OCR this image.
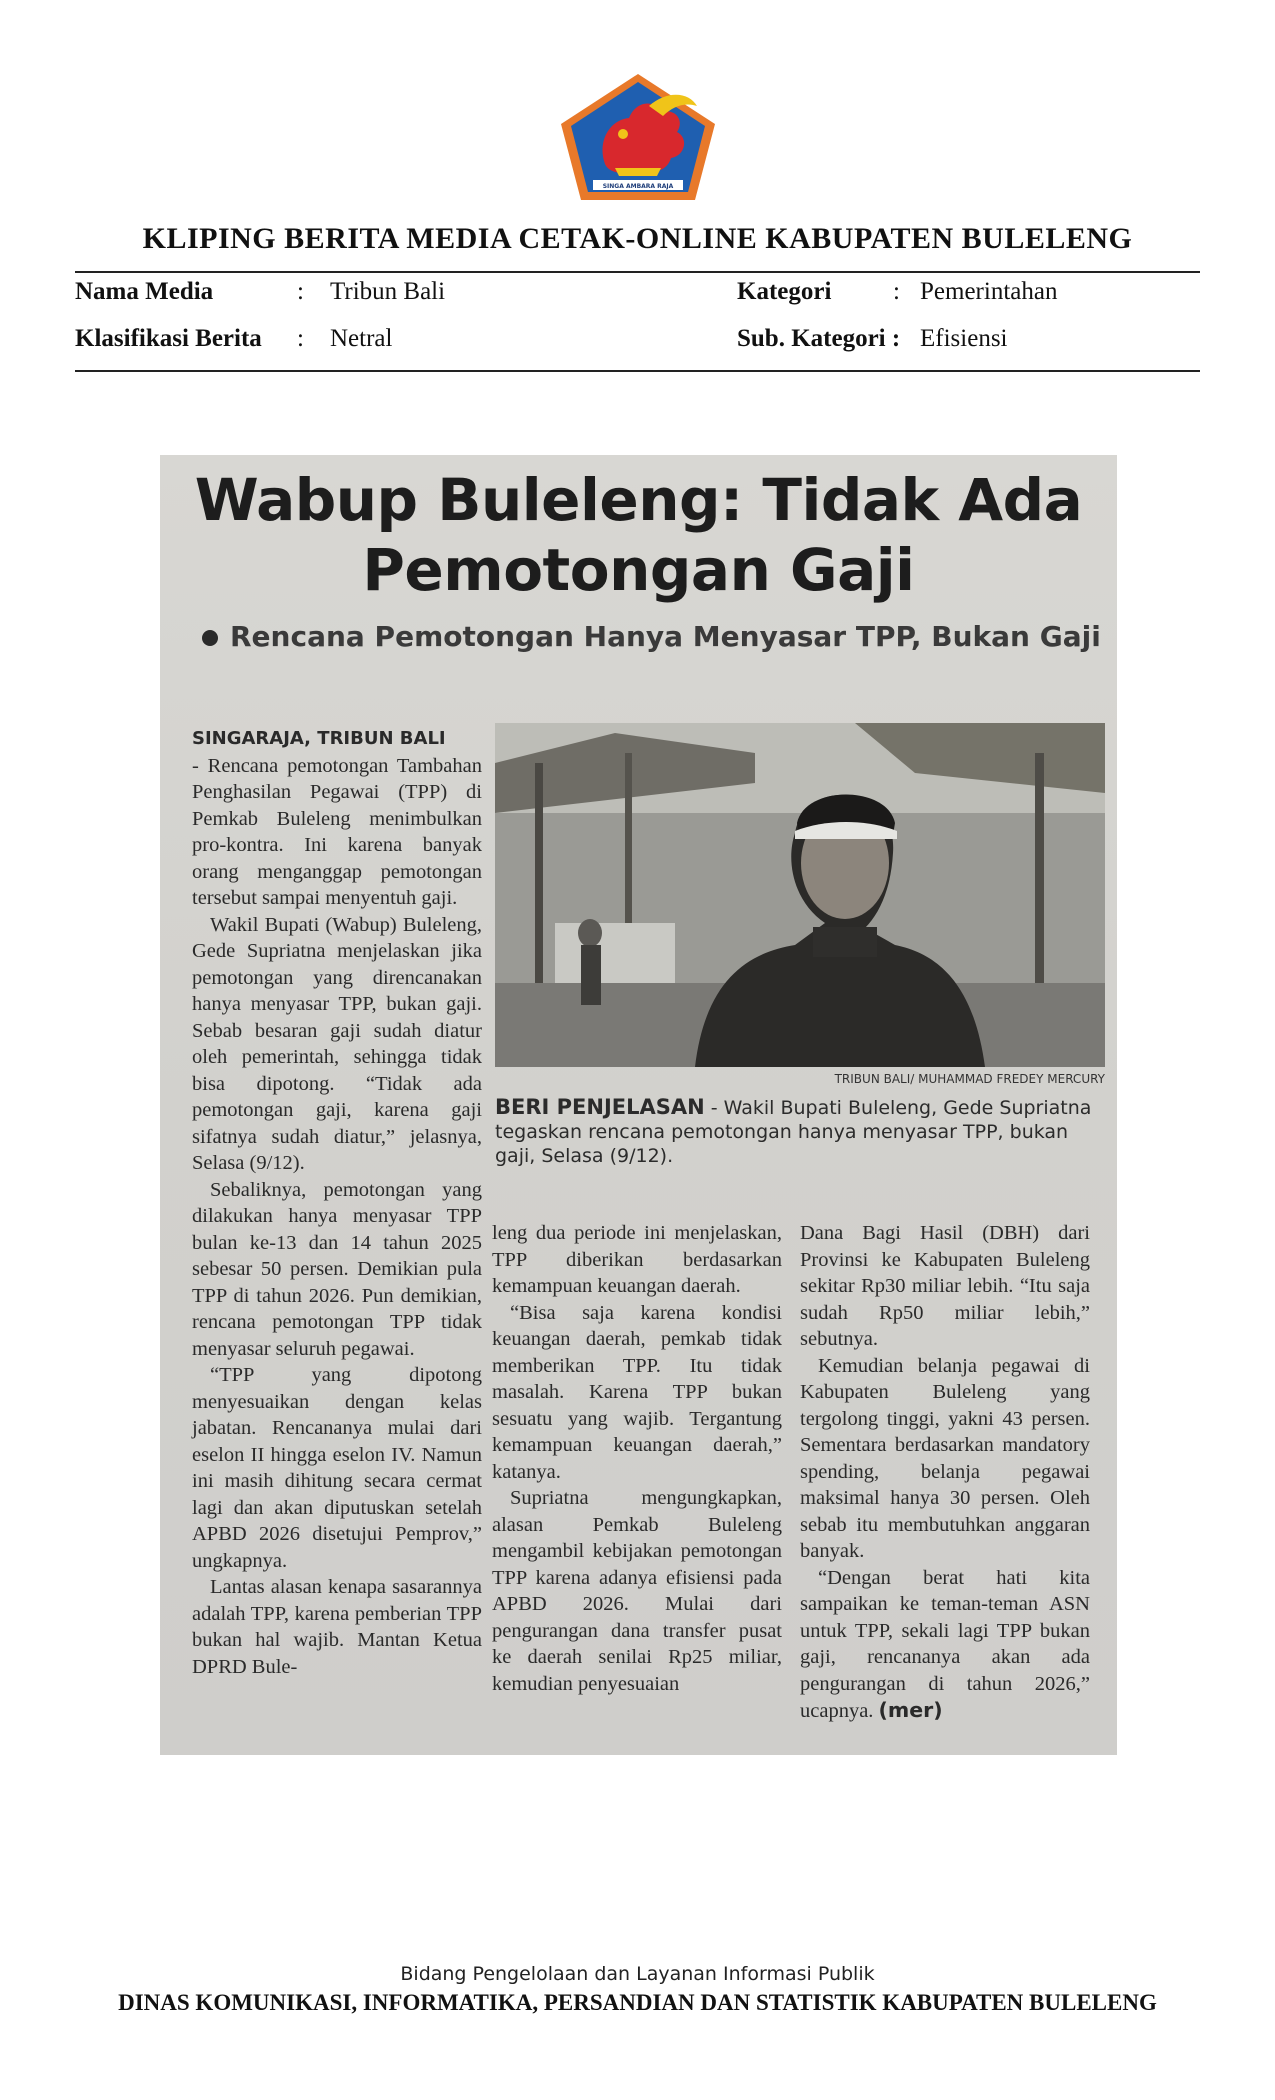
SINGA AMBARA RAJA
KLIPING BERITA MEDIA CETAK-ONLINE KABUPATEN BULELENG
Nama Media	: Tribun Bali	Kategori : Pemerintahan
Klasifikasi Berita : Netral	Sub. Kategori : Efisiensi
Wabup Buleleng: Tidak Ada
Pemotongan Gaji
Rencana Pemotongan Hanya Menyasar TPP, Bukan Gaji

SINGARAJA, TRIBUN BALI
- Rencana pemotongan Tambahan Penghasilan Pegawai (TPP) di Pemkab Buleleng menimbulkan pro-kontra. Ini karena banyak orang menganggap pemotongan tersebut sampai menyentuh gaji.

Wakil Bupati (Wabup) Buleleng, Gede Supriatna menjelaskan jika pemotongan yang direncanakan hanya menyasar TPP, bukan gaji. Sebab besaran gaji sudah diatur oleh pemerintah, sehingga tidak bisa dipotong. “Tidak ada pemotongan gaji, karena gaji sifatnya sudah diatur,” jelasnya, Selasa (9/12).

Sebaliknya, pemotongan yang dilakukan hanya menyasar TPP bulan ke-13 dan 14 tahun 2025 sebesar 50 persen. Demikian pula TPP di tahun 2026. Pun demikian, rencana pemotongan TPP tidak menyasar seluruh pegawai.

“TPP yang dipotong menyesuaikan dengan kelas jabatan. Rencananya mulai dari eselon II hingga eselon IV. Namun ini masih dihitung secara cermat lagi dan akan diputuskan setelah APBD 2026 disetujui Pemprov,” ungkapnya.

Lantas alasan kenapa sasarannya adalah TPP, karena pemberian TPP bukan hal wajib. Mantan Ketua DPRD Bule-

TRIBUN BALI/ MUHAMMAD FREDEY MERCURY
BERI PENJELASAN - Wakil Bupati Buleleng, Gede Supriatna tegaskan rencana pemotongan hanya menyasar TPP, bukan gaji, Selasa (9/12).

leng dua periode ini menjelaskan, TPP diberikan berdasarkan kemampuan keuangan daerah.

“Bisa saja karena kondisi keuangan daerah, pemkab tidak memberikan TPP. Itu tidak masalah. Karena TPP bukan sesuatu yang wajib. Tergantung kemampuan keuangan daerah,” katanya.

Supriatna mengungkapkan, alasan Pemkab Buleleng mengambil kebijakan pemotongan TPP karena adanya efisiensi pada APBD 2026. Mulai dari pengurangan dana transfer pusat ke daerah senilai Rp25 miliar, kemudian penyesuaian

Dana Bagi Hasil (DBH) dari Provinsi ke Kabupaten Buleleng sekitar Rp30 miliar lebih. “Itu saja sudah Rp50 miliar lebih,” sebutnya.

Kemudian belanja pegawai di Kabupaten Buleleng yang tergolong tinggi, yakni 43 persen. Sementara berdasarkan mandatory spending, belanja pegawai maksimal hanya 30 persen. Oleh sebab itu membutuhkan anggaran banyak.

“Dengan berat hati kita sampaikan ke teman-teman ASN untuk TPP, sekali lagi TPP bukan gaji, rencananya akan ada pengurangan di tahun 2026,” ucapnya. (mer)

Bidang Pengelolaan dan Layanan Informasi Publik
DINAS KOMUNIKASI, INFORMATIKA, PERSANDIAN DAN STATISTIK KABUPATEN BULELENG
